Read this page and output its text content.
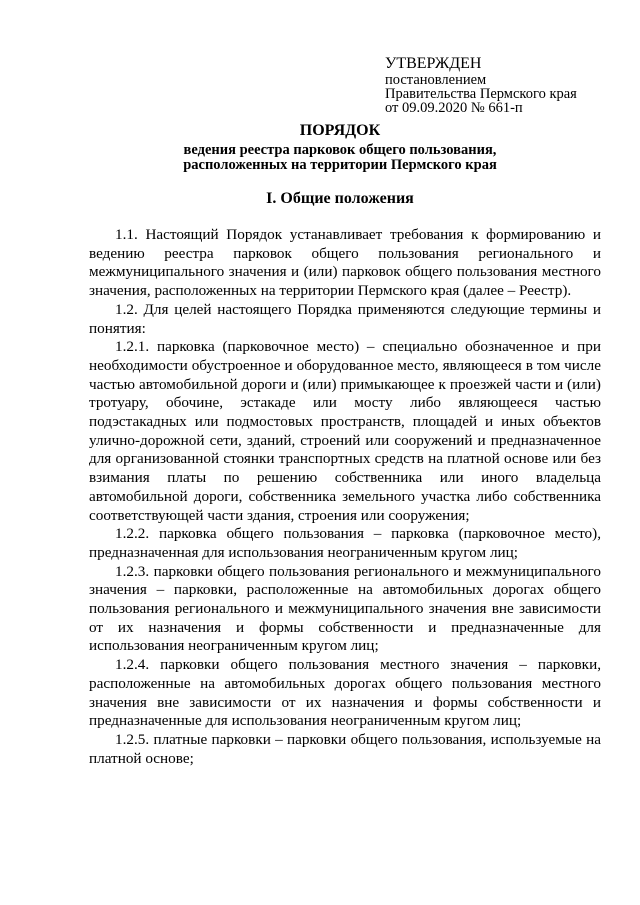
УТВЕРЖДЕН
постановлением
Правительства Пермского края
от 09.09.2020 № 661-п
ПОРЯДОК
ведения реестра парковок общего пользования,
расположенных на территории Пермского края
I. Общие положения

1.1. Настоящий Порядок устанавливает требования к формированию и ведению реестра парковок общего пользования регионального и межмуниципального значения и (или) парковок общего пользования местного значения, расположенных на территории Пермского края (далее – Реестр).

1.2. Для целей настоящего Порядка применяются следующие термины и понятия:

1.2.1. парковка (парковочное место) – специально обозначенное и при необходимости обустроенное и оборудованное место, являющееся в том числе частью автомобильной дороги и (или) примыкающее к проезжей части и (или) тротуару, обочине, эстакаде или мосту либо являющееся частью подэстакадных или подмостовых пространств, площадей и иных объектов улично-дорожной сети, зданий, строений или сооружений и предназначенное для организованной стоянки транспортных средств на платной основе или без взимания платы по решению собственника или иного владельца автомобильной дороги, собственника земельного участка либо собственника соответствующей части здания, строения или сооружения;

1.2.2. парковка общего пользования – парковка (парковочное место), предназначенная для использования неограниченным кругом лиц;

1.2.3. парковки общего пользования регионального и межмуниципального значения – парковки, расположенные на автомобильных дорогах общего пользования регионального и межмуниципального значения вне зависимости от их назначения и формы собственности и предназначенные для использования неограниченным кругом лиц;

1.2.4. парковки общего пользования местного значения – парковки, расположенные на автомобильных дорогах общего пользования местного значения вне зависимости от их назначения и формы собственности и предназначенные для использования неограниченным кругом лиц;

1.2.5. платные парковки – парковки общего пользования, используемые на платной основе;
